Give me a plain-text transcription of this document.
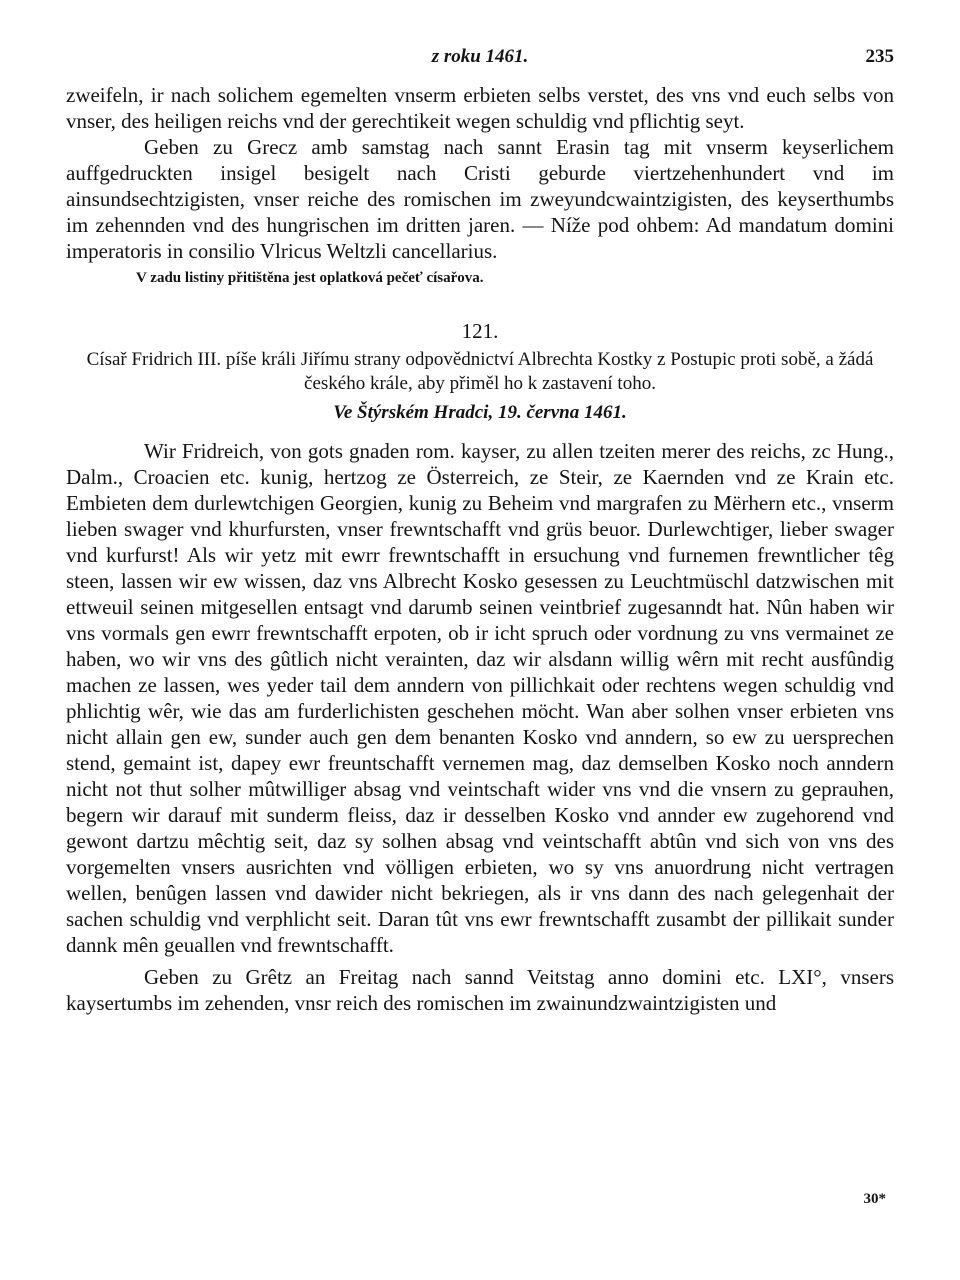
z roku 1461.	235

zweifeln, ir nach solichem egemelten vnserm erbieten selbs verstet, des vns vnd euch selbs von vnser, des heiligen reichs vnd der gerechtikeit wegen schuldig vnd pflichtig seyt.

Geben zu Grecz amb samstag nach sannt Erasin tag mit vnserm keyserlichem auffgedruckten insigel besigelt nach Cristi geburde viertzehenhundert vnd im ainsundsechtzigisten, vnser reiche des romischen im zweyundcwaintzigisten, des keyserthumbs im zehennden vnd des hungrischen im dritten jaren. — Níže pod ohbem: Ad mandatum domini imperatoris in consilio Vlricus Weltzli cancellarius.

V zadu listiny přitištěna jest oplatková pečeť císařova.
121.
Císař Fridrich III. píše králi Jiřímu strany odpovědnictví Albrechta Kostky z Postupic proti sobě, a žádá českého krále, aby přiměl ho k zastavení toho.
Ve Štýrském Hradci, 19. června 1461.

Wir Fridreich, von gots gnaden rom. kayser, zu allen tzeiten merer des reichs, zc Hung., Dalm., Croacien etc. kunig, hertzog ze Österreich, ze Steir, ze Kaernden vnd ze Krain etc. Embieten dem durlewtchigen Georgien, kunig zu Beheim vnd margrafen zu Mërhern etc., vnserm lieben swager vnd khurfursten, vnser frewntschafft vnd grüs beuor. Durlewchtiger, lieber swager vnd kurfurst! Als wir yetz mit ewrr frewntschafft in ersuchung vnd furnemen frewntlicher têg steen, lassen wir ew wissen, daz vns Albrecht Kosko gesessen zu Leuchtmüschl datzwischen mit ettweuil seinen mitgesellen entsagt vnd darumb seinen veintbrief zugesanndt hat. Nûn haben wir vns vormals gen ewrr frewntschafft erpoten, ob ir icht spruch oder vordnung zu vns vermainet ze haben, wo wir vns des gûtlich nicht verainten, daz wir alsdann willig wêrn mit recht ausfûndig machen ze lassen, wes yeder tail dem anndern von pillichkait oder rechtens wegen schuldig vnd phlichtig wêr, wie das am furderlichisten geschehen möcht. Wan aber solhen vnser erbieten vns nicht allain gen ew, sunder auch gen dem benanten Kosko vnd anndern, so ew zu uersprechen stend, gemaint ist, dapey ewr freuntschafft vernemen mag, daz demselben Kosko noch anndern nicht not thut solher mûtwilliger absag vnd veintschaft wider vns vnd die vnsern zu geprauhen, begern wir darauf mit sunderm fleiss, daz ir desselben Kosko vnd annder ew zugehorend vnd gewont dartzu mêchtig seit, daz sy solhen absag vnd veintschafft abtûn vnd sich von vns des vorgemelten vnsers ausrichten vnd völligen erbieten, wo sy vns anuordrung nicht vertragen wellen, benûgen lassen vnd dawider nicht bekriegen, als ir vns dann des nach gelegenhait der sachen schuldig vnd verphlicht seit. Daran tût vns ewr frewntschafft zusambt der pillikait sunder dannk mên geuallen vnd frewntschafft.

Geben zu Grêtz an Freitag nach sannd Veitstag anno domini etc. LXI°, vnsers kaysertumbs im zehenden, vnsr reich des romischen im zwainundzwaintzigisten und

30*
